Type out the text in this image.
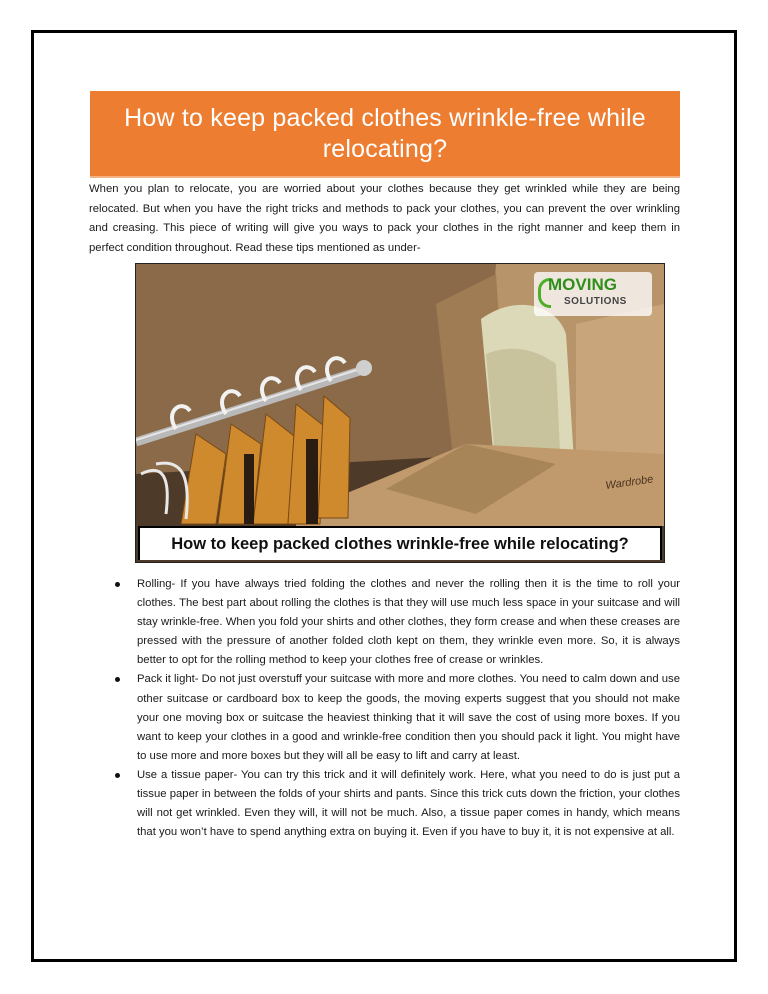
How to keep packed clothes wrinkle-free while relocating?

When you plan to relocate, you are worried about your clothes because they get wrinkled while they are being relocated. But when you have the right tricks and methods to pack your clothes, you can prevent the over wrinkling and creasing. This piece of writing will give you ways to pack your clothes in the right manner and keep them in perfect condition throughout. Read these tips mentioned as under-

Wardrobe
MOVING
SOLUTIONS
How to keep packed clothes wrinkle-free while relocating?
Rolling- If you have always tried folding the clothes and never the rolling then it is the time to roll your clothes. The best part about rolling the clothes is that they will use much less space in your suitcase and will stay wrinkle-free. When you fold your shirts and other clothes, they form crease and when these creases are pressed with the pressure of another folded cloth kept on them, they wrinkle even more. So, it is always better to opt for the rolling method to keep your clothes free of crease or wrinkles.
Pack it light- Do not just overstuff your suitcase with more and more clothes. You need to calm down and use other suitcase or cardboard box to keep the goods, the moving experts suggest that you should not make your one moving box or suitcase the heaviest thinking that it will save the cost of using more boxes. If you want to keep your clothes in a good and wrinkle-free condition then you should pack it light. You might have to use more and more boxes but they will all be easy to lift and carry at least.
Use a tissue paper- You can try this trick and it will definitely work. Here, what you need to do is just put a tissue paper in between the folds of your shirts and pants. Since this trick cuts down the friction, your clothes will not get wrinkled. Even they will, it will not be much. Also, a tissue paper comes in handy, which means that you won’t have to spend anything extra on buying it. Even if you have to buy it, it is not expensive at all.
